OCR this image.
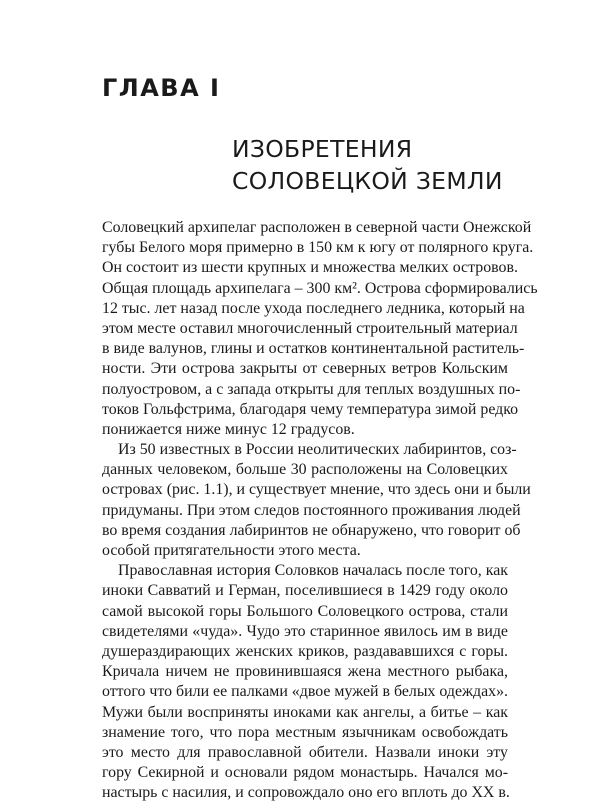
ГЛАВА I
ИЗОБРЕТЕНИЯ
СОЛОВЕЦКОЙ ЗЕМЛИ
Соловецкий архипелаг расположен в северной части Онежской
губы Белого моря примерно в 150 км к югу от полярного круга.
Он состоит из шести крупных и множества мелких островов.
Общая площадь архипелага – 300 км². Острова сформировались
12 тыс. лет назад после ухода последнего ледника, который на
этом месте оставил многочисленный строительный материал
в виде валунов, глины и остатков континентальной раститель-
ности. Эти острова закрыты от северных ветров Кольским
полуостровом, а с запада открыты для теплых воздушных по-
токов Гольфстрима, благодаря чему температура зимой редко
понижается ниже минус 12 градусов.
Из 50 известных в России неолитических лабиринтов, соз-
данных человеком, больше 30 расположены на Соловецких
островах (рис. 1.1), и существует мнение, что здесь они и были
придуманы. При этом следов постоянного проживания людей
во время создания лабиринтов не обнаружено, что говорит об
особой притягательности этого места.
Православная история Соловков началась после того, как
иноки Савватий и Герман, поселившиеся в 1429 году около
самой высокой горы Большого Соловецкого острова, стали
свидетелями «чуда». Чудо это старинное явилось им в виде
душераздирающих женских криков, раздававшихся с горы.
Кричала ничем не провинившаяся жена местного рыбака,
оттого что били ее палками «двое мужей в белых одеждах».
Мужи были восприняты иноками как ангелы, а битье – как
знамение того, что пора местным язычникам освобождать
это место для православной обители. Назвали иноки эту
гору Секирной и основали рядом монастырь. Начался мо-
настырь с насилия, и сопровождало оно его вплоть до XX в.
